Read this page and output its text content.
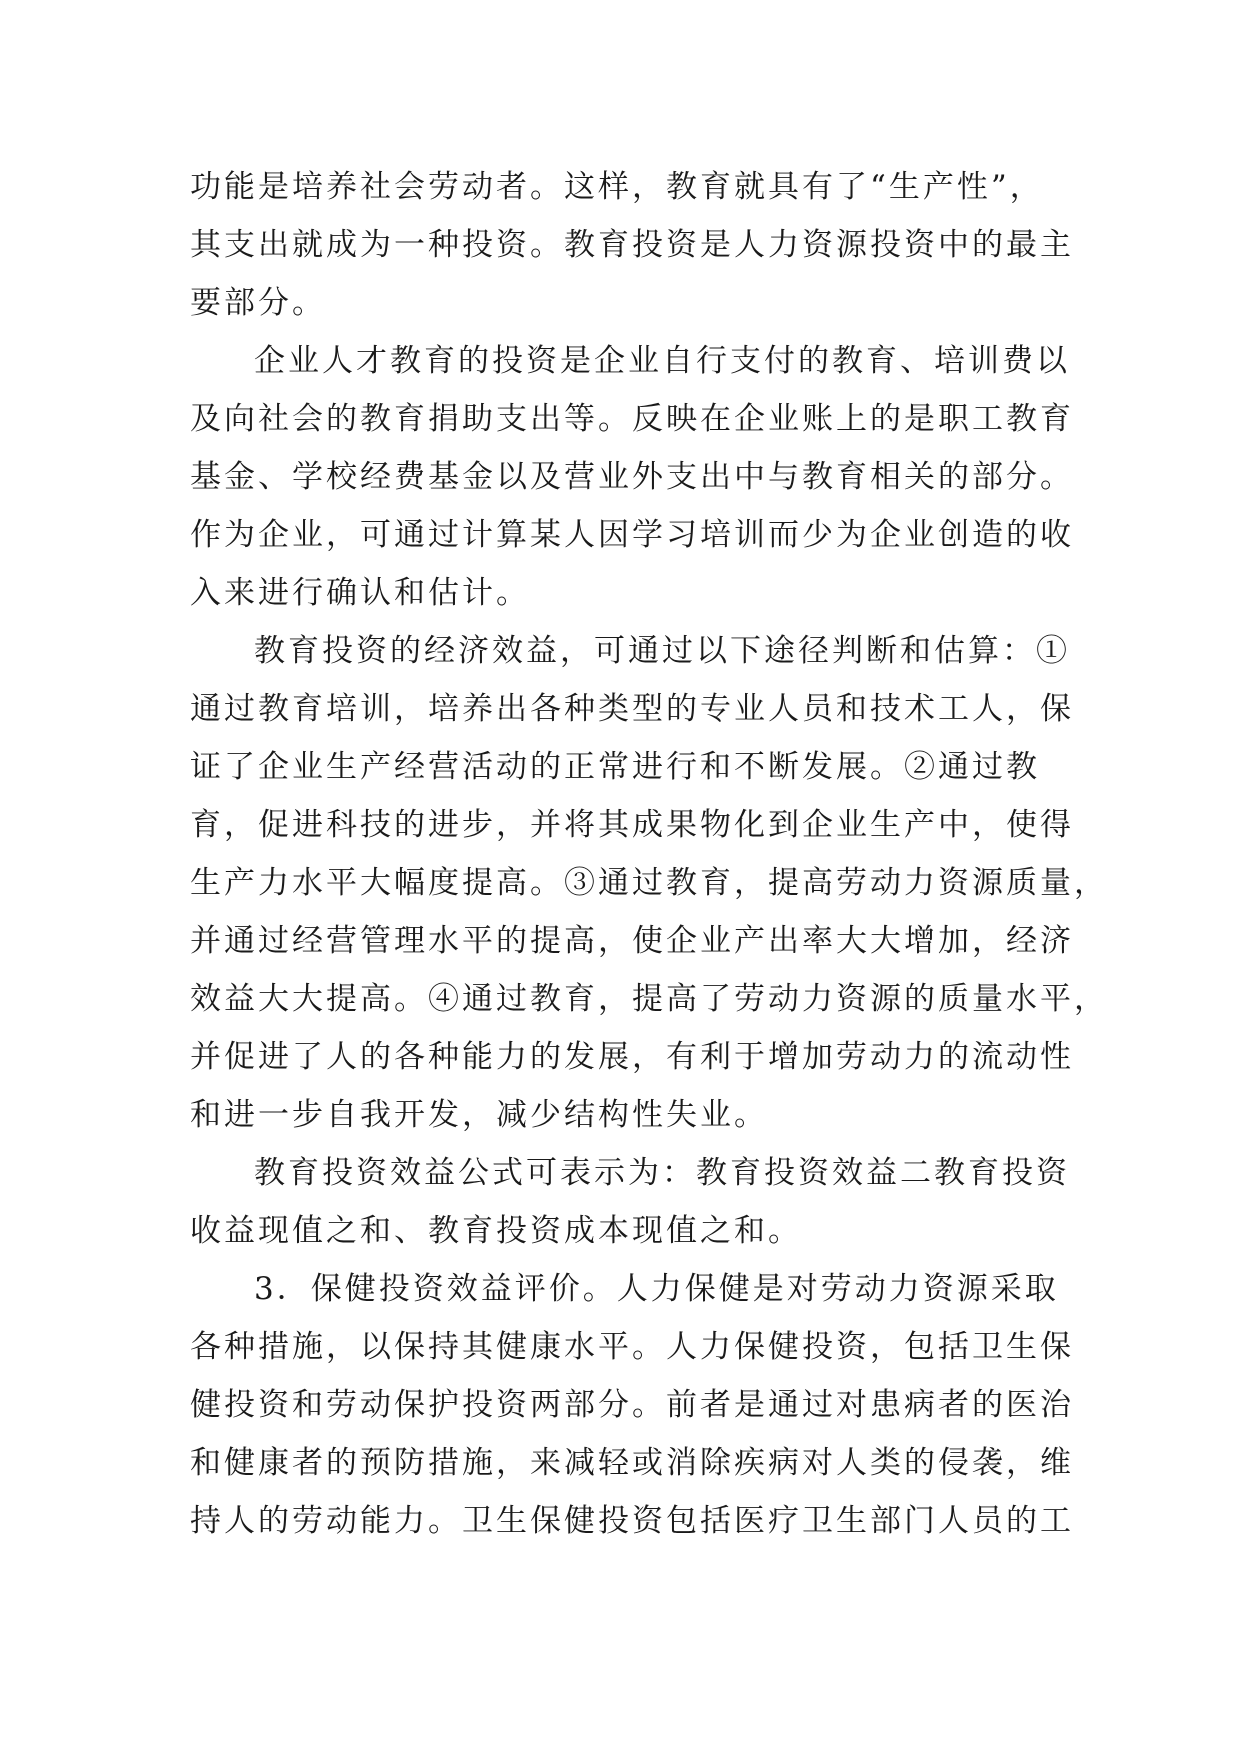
功能是培养社会劳动者。这样，教育就具有了“生产性”，
其支出就成为一种投资。教育投资是人力资源投资中的最主
要部分。
企业人才教育的投资是企业自行支付的教育、培训费以
及向社会的教育捐助支出等。反映在企业账上的是职工教育
基金、学校经费基金以及营业外支出中与教育相关的部分。
作为企业，可通过计算某人因学习培训而少为企业创造的收
入来进行确认和估计。
教育投资的经济效益，可通过以下途径判断和估算：①
通过教育培训，培养出各种类型的专业人员和技术工人，保
证了企业生产经营活动的正常进行和不断发展。②通过教
育，促进科技的进步，并将其成果物化到企业生产中，使得
生产力水平大幅度提高。③通过教育，提高劳动力资源质量，
并通过经营管理水平的提高，使企业产出率大大增加，经济
效益大大提高。④通过教育，提高了劳动力资源的质量水平，
并促进了人的各种能力的发展，有利于增加劳动力的流动性
和进一步自我开发，减少结构性失业。
教育投资效益公式可表示为：教育投资效益二教育投资
收益现值之和、教育投资成本现值之和。
3．保健投资效益评价。人力保健是对劳动力资源采取
各种措施，以保持其健康水平。人力保健投资，包括卫生保
健投资和劳动保护投资两部分。前者是通过对患病者的医治
和健康者的预防措施，来减轻或消除疾病对人类的侵袭，维
持人的劳动能力。卫生保健投资包括医疗卫生部门人员的工
